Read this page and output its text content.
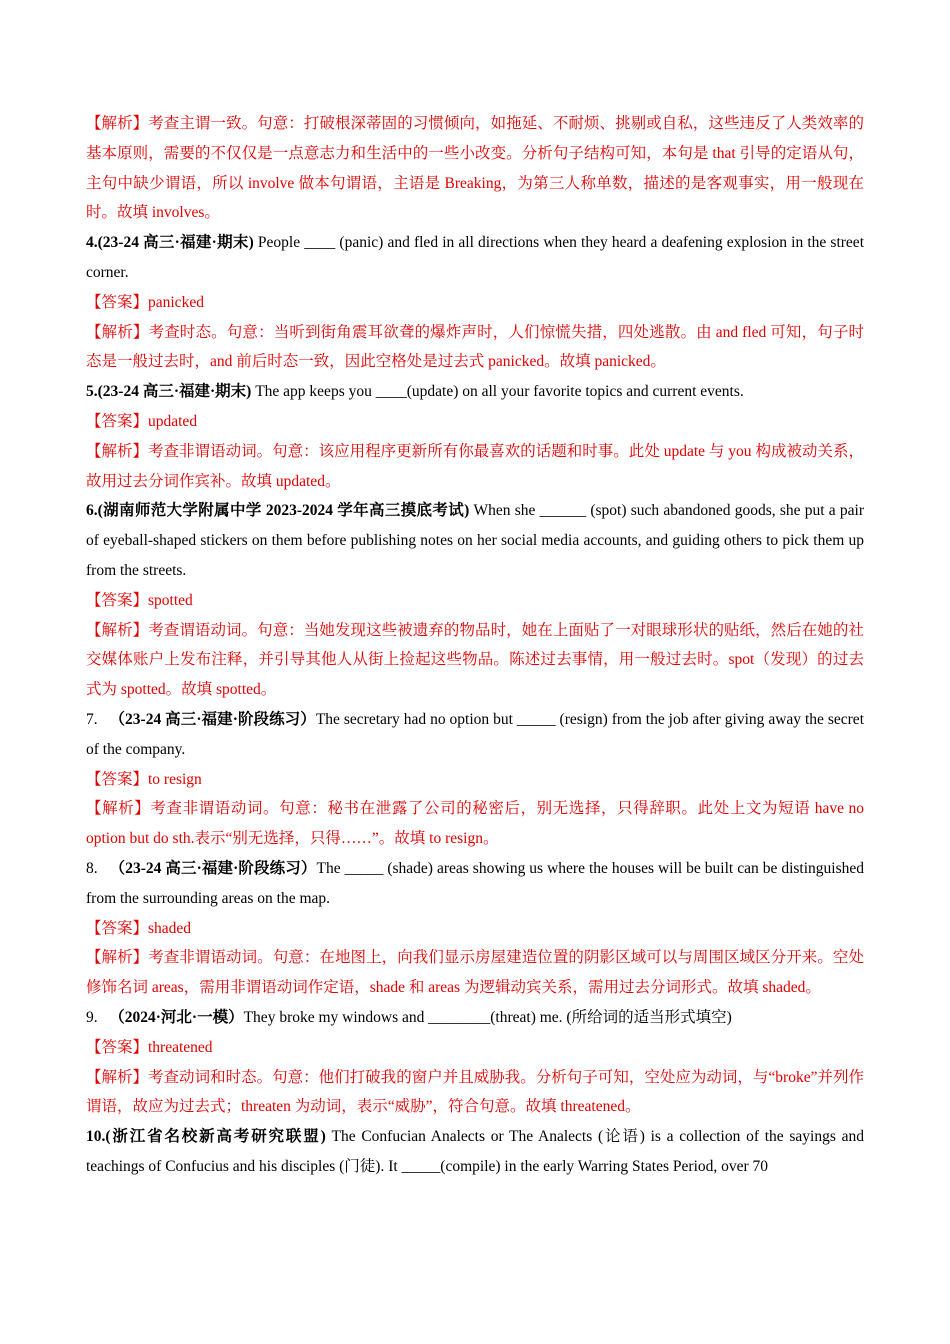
【解析】考查主谓一致。句意：打破根深蒂固的习惯倾向，如拖延、不耐烦、挑剔或自私，这些违反了人类效率的基本原则，需要的不仅仅是一点意志力和生活中的一些小改变。分析句子结构可知，本句是 that 引导的定语从句，主句中缺少谓语，所以 involve 做本句谓语，主语是 Breaking，为第三人称单数，描述的是客观事实，用一般现在时。故填 involves。

4.(23-24 高三·福建·期末) People ____ (panic) and fled in all directions when they heard a deafening explosion in the street corner.

【答案】panicked

【解析】考查时态。句意：当听到街角震耳欲聋的爆炸声时，人们惊慌失措，四处逃散。由 and fled 可知，句子时态是一般过去时，and 前后时态一致，因此空格处是过去式 panicked。故填 panicked。

5.(23-24 高三·福建·期末) The app keeps you ____(update) on all your favorite topics and current events.

【答案】updated

【解析】考查非谓语动词。句意：该应用程序更新所有你最喜欢的话题和时事。此处 update 与 you 构成被动关系，故用过去分词作宾补。故填 updated。

6.(湖南师范大学附属中学 2023-2024 学年高三摸底考试) When she ______ (spot) such abandoned goods, she put a pair of eyeball-shaped stickers on them before publishing notes on her social media accounts, and guiding others to pick them up from the streets.

【答案】spotted

【解析】考查谓语动词。句意：当她发现这些被遗弃的物品时，她在上面贴了一对眼球形状的贴纸，然后在她的社交媒体账户上发布注释，并引导其他人从街上捡起这些物品。陈述过去事情，用一般过去时。spot（发现）的过去式为 spotted。故填 spotted。

7. （23-24 高三·福建·阶段练习）The secretary had no option but _____ (resign) from the job after giving away the secret of the company.

【答案】to resign

【解析】考查非谓语动词。句意：秘书在泄露了公司的秘密后，别无选择，只得辞职。此处上文为短语 have no option but do sth.表示“别无选择，只得……”。故填 to resign。

8. （23-24 高三·福建·阶段练习）The _____ (shade) areas showing us where the houses will be built can be distinguished from the surrounding areas on the map.

【答案】shaded

【解析】考查非谓语动词。句意：在地图上，向我们显示房屋建造位置的阴影区域可以与周围区域区分开来。空处修饰名词 areas，需用非谓语动词作定语，shade 和 areas 为逻辑动宾关系，需用过去分词形式。故填 shaded。

9. （2024·河北·一模）They broke my windows and ________(threat) me. (所给词的适当形式填空)

【答案】threatened

【解析】考查动词和时态。句意：他们打破我的窗户并且威胁我。分析句子可知，空处应为动词，与“broke”并列作谓语，故应为过去式；threaten 为动词，表示“威胁”，符合句意。故填 threatened。

10.(浙江省名校新高考研究联盟) The Confucian Analects or The Analects (论语) is a collection of the sayings and teachings of Confucius and his disciples (门徒). It _____(compile) in the early Warring States Period, over 70
